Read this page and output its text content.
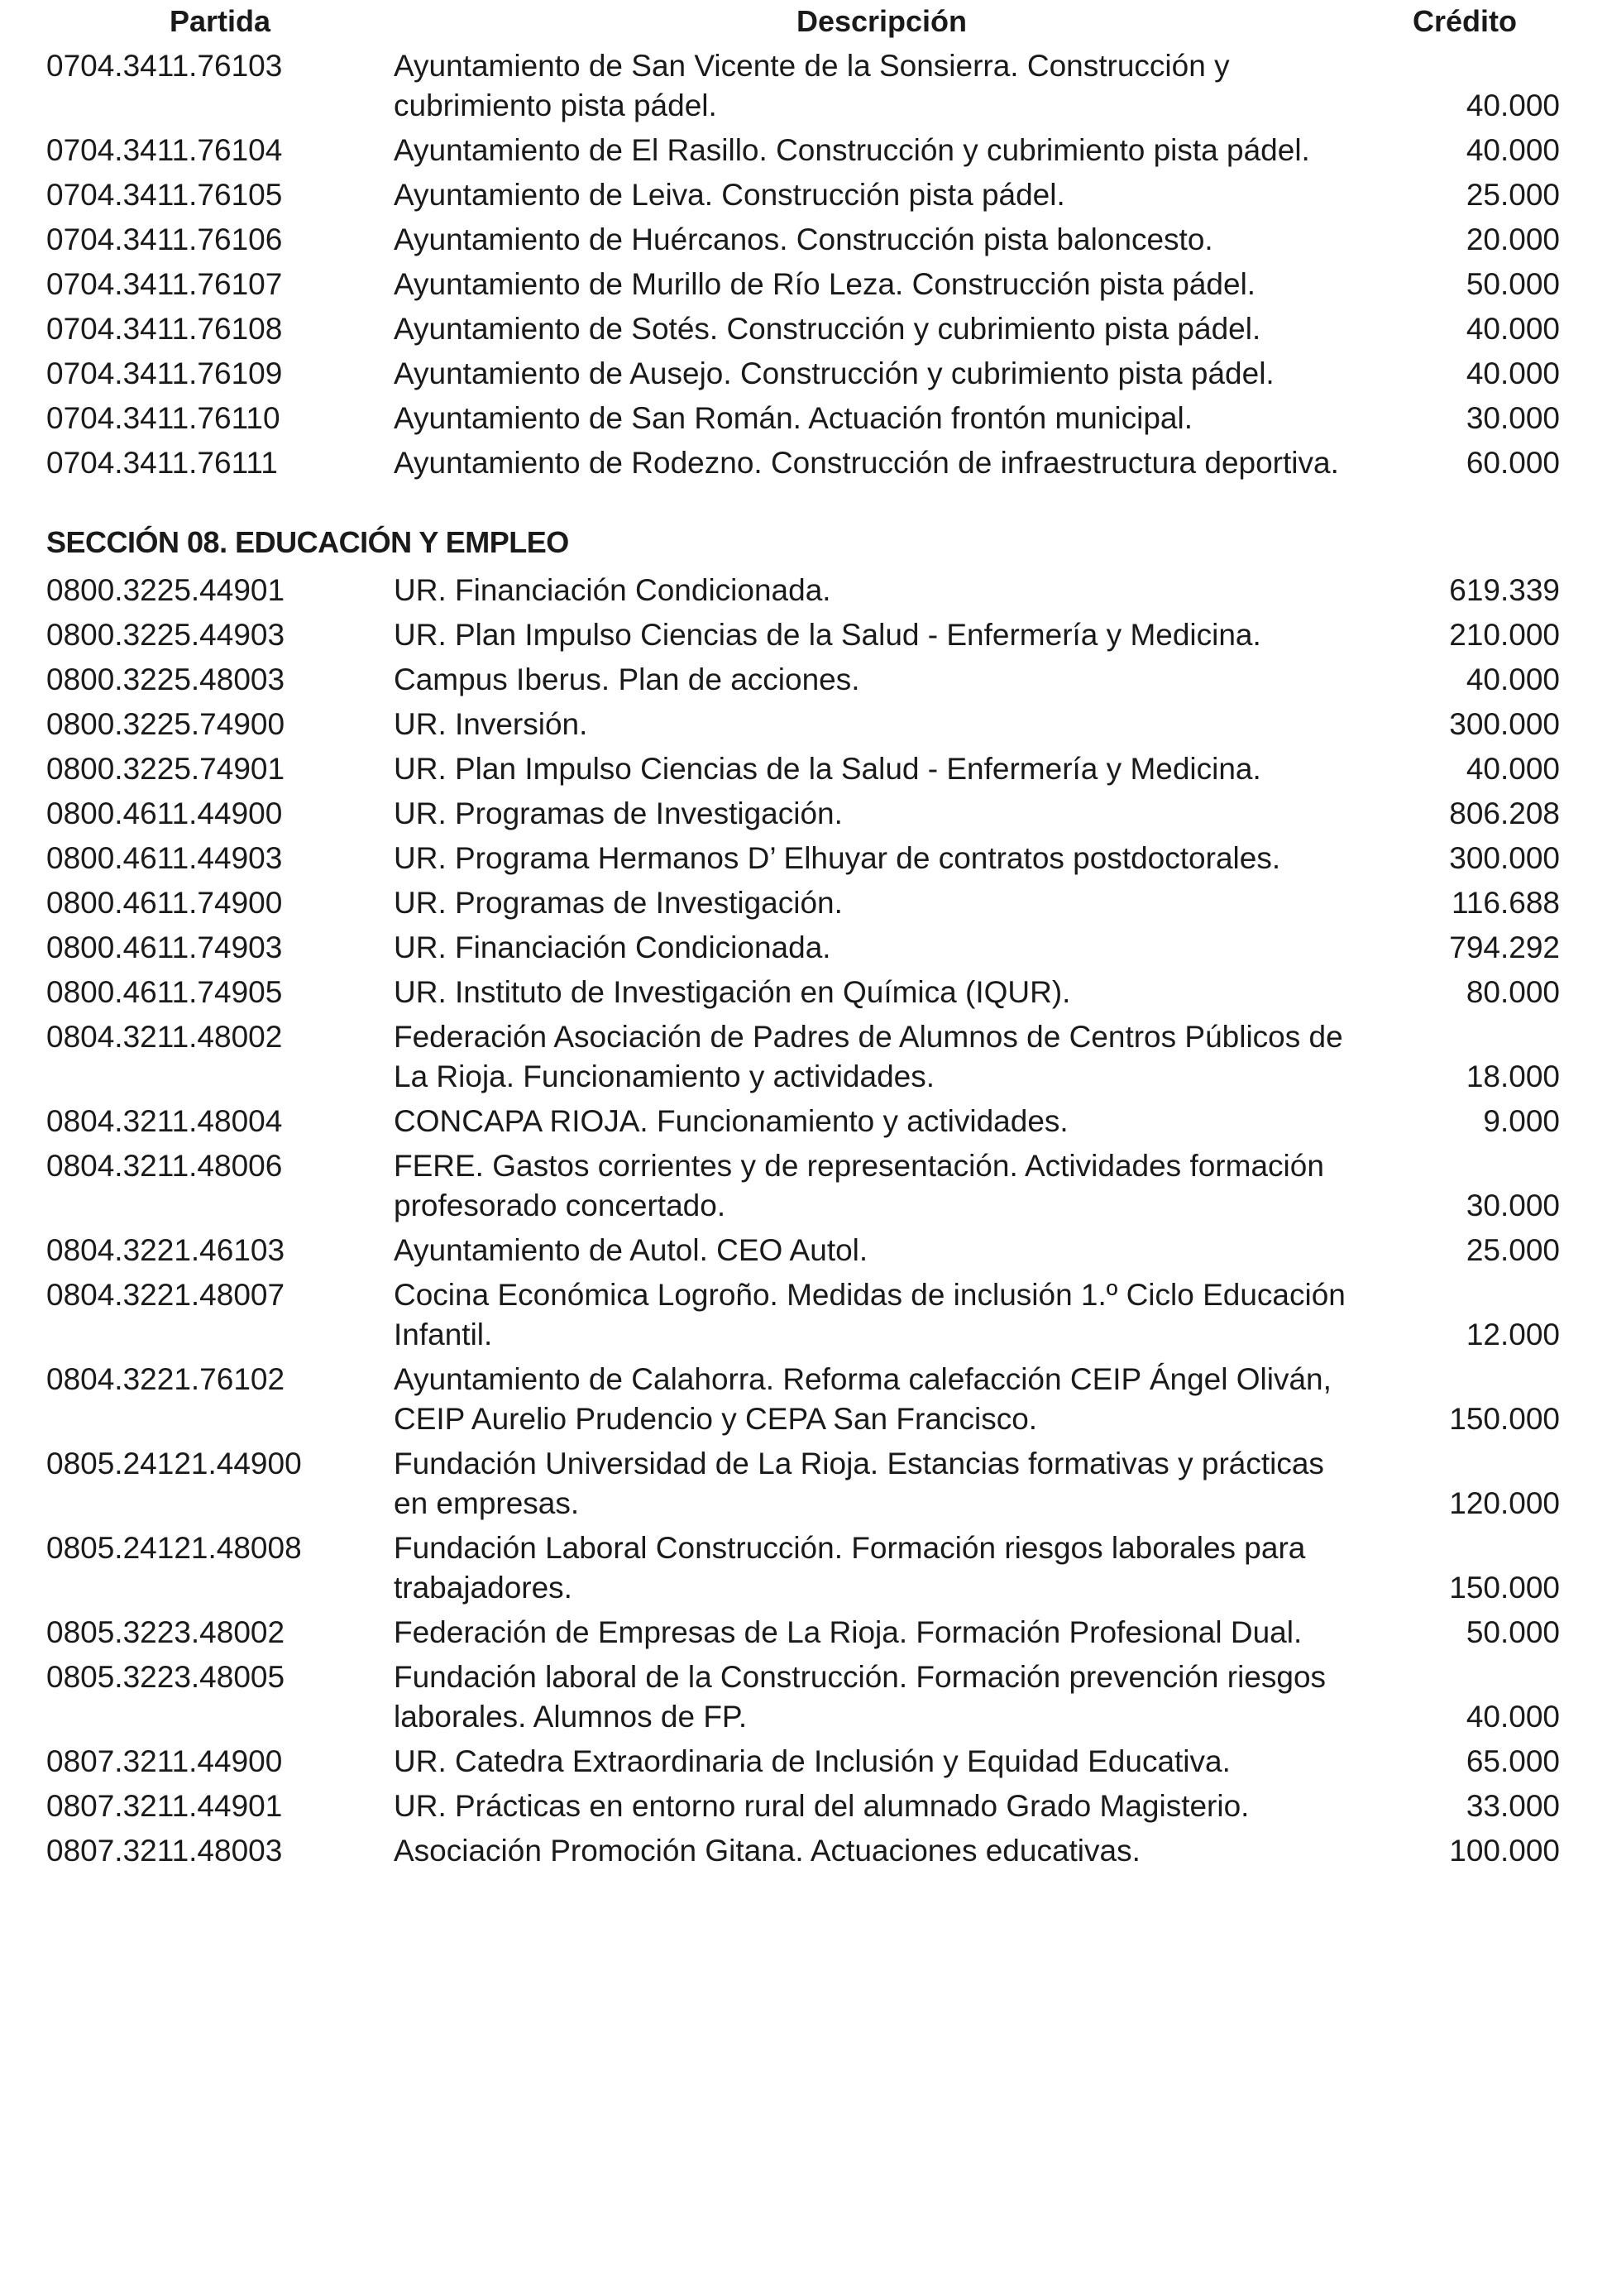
Partida	Descripción	Crédito
0704.3411.76103	Ayuntamiento de San Vicente de la Sonsierra. Construcción y cubrimiento pista pádel.	40.000
0704.3411.76104	Ayuntamiento de El Rasillo. Construcción y cubrimiento pista pádel.	40.000
0704.3411.76105	Ayuntamiento de Leiva. Construcción pista pádel.	25.000
0704.3411.76106	Ayuntamiento de Huércanos. Construcción pista baloncesto.	20.000
0704.3411.76107	Ayuntamiento de Murillo de Río Leza. Construcción pista pádel.	50.000
0704.3411.76108	Ayuntamiento de Sotés. Construcción y cubrimiento pista pádel.	40.000
0704.3411.76109	Ayuntamiento de Ausejo. Construcción y cubrimiento pista pádel.	40.000
0704.3411.76110	Ayuntamiento de San Román. Actuación frontón municipal.	30.000
0704.3411.76111	Ayuntamiento de Rodezno. Construcción de infraestructura deportiva.	60.000
SECCIÓN 08. EDUCACIÓN Y EMPLEO
0800.3225.44901	UR. Financiación Condicionada.	619.339
0800.3225.44903	UR. Plan Impulso Ciencias de la Salud - Enfermería y Medicina.	210.000
0800.3225.48003	Campus Iberus. Plan de acciones.	40.000
0800.3225.74900	UR. Inversión.	300.000
0800.3225.74901	UR. Plan Impulso Ciencias de la Salud - Enfermería y Medicina.	40.000
0800.4611.44900	UR. Programas de Investigación.	806.208
0800.4611.44903	UR. Programa Hermanos D’ Elhuyar de contratos postdoctorales.	300.000
0800.4611.74900	UR. Programas de Investigación.	116.688
0800.4611.74903	UR. Financiación Condicionada.	794.292
0800.4611.74905	UR. Instituto de Investigación en Química (IQUR).	80.000
0804.3211.48002	Federación Asociación de Padres de Alumnos de Centros Públicos de La Rioja. Funcionamiento y actividades.	18.000
0804.3211.48004	CONCAPA RIOJA. Funcionamiento y actividades.	9.000
0804.3211.48006	FERE. Gastos corrientes y de representación. Actividades formación profesorado concertado.	30.000
0804.3221.46103	Ayuntamiento de Autol. CEO Autol.	25.000
0804.3221.48007	Cocina Económica Logroño. Medidas de inclusión 1.º Ciclo Educación Infantil.	12.000
0804.3221.76102	Ayuntamiento de Calahorra. Reforma calefacción CEIP Ángel Oliván, CEIP Aurelio Prudencio y CEPA San Francisco.	150.000
0805.24121.44900	Fundación Universidad de La Rioja. Estancias formativas y prácticas en empresas.	120.000
0805.24121.48008	Fundación Laboral Construcción. Formación riesgos laborales para trabajadores.	150.000
0805.3223.48002	Federación de Empresas de La Rioja. Formación Profesional Dual.	50.000
0805.3223.48005	Fundación laboral de la Construcción. Formación prevención riesgos laborales. Alumnos de FP.	40.000
0807.3211.44900	UR. Catedra Extraordinaria de Inclusión y Equidad Educativa.	65.000
0807.3211.44901	UR. Prácticas en entorno rural del alumnado Grado Magisterio.	33.000
0807.3211.48003	Asociación Promoción Gitana. Actuaciones educativas.	100.000
